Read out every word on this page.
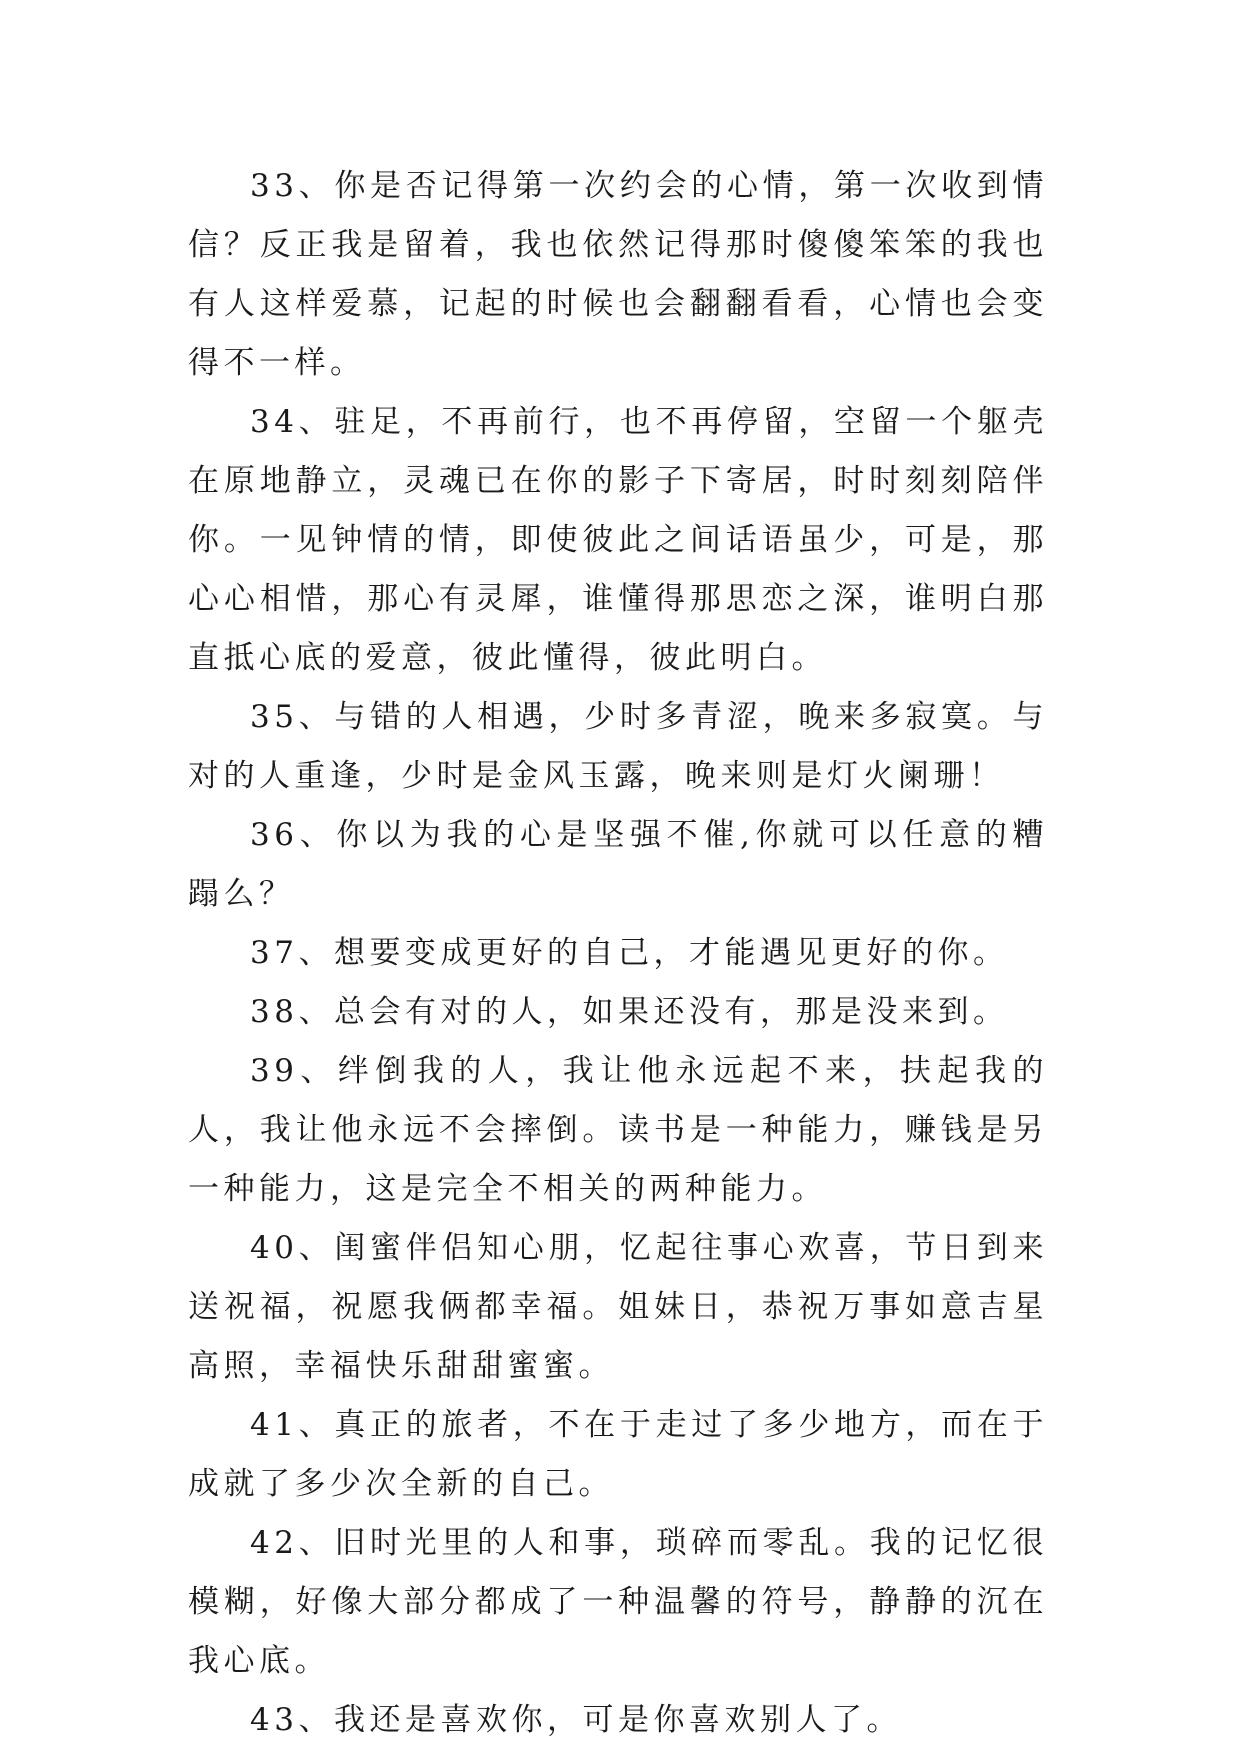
33、你是否记得第一次约会的心情，第一次收到情信？反正我是留着，我也依然记得那时傻傻笨笨的我也有人这样爱慕，记起的时候也会翻翻看看，心情也会变得不一样。

34、驻足，不再前行，也不再停留，空留一个躯壳在原地静立，灵魂已在你的影子下寄居，时时刻刻陪伴你。一见钟情的情，即使彼此之间话语虽少，可是，那心心相惜，那心有灵犀，谁懂得那思恋之深，谁明白那直抵心底的爱意，彼此懂得，彼此明白。

35、与错的人相遇，少时多青涩，晚来多寂寞。与对的人重逢，少时是金风玉露，晚来则是灯火阑珊！

36、你以为我的心是坚强不催,你就可以任意的糟蹋么？

37、想要变成更好的自己，才能遇见更好的你。

38、总会有对的人，如果还没有，那是没来到。

39、绊倒我的人，我让他永远起不来，扶起我的人，我让他永远不会摔倒。读书是一种能力，赚钱是另一种能力，这是完全不相关的两种能力。

40、闺蜜伴侣知心朋，忆起往事心欢喜，节日到来送祝福，祝愿我俩都幸福。姐妹日，恭祝万事如意吉星高照，幸福快乐甜甜蜜蜜。

41、真正的旅者，不在于走过了多少地方，而在于成就了多少次全新的自己。

42、旧时光里的人和事，琐碎而零乱。我的记忆很模糊，好像大部分都成了一种温馨的符号，静静的沉在我心底。

43、我还是喜欢你，可是你喜欢别人了。
